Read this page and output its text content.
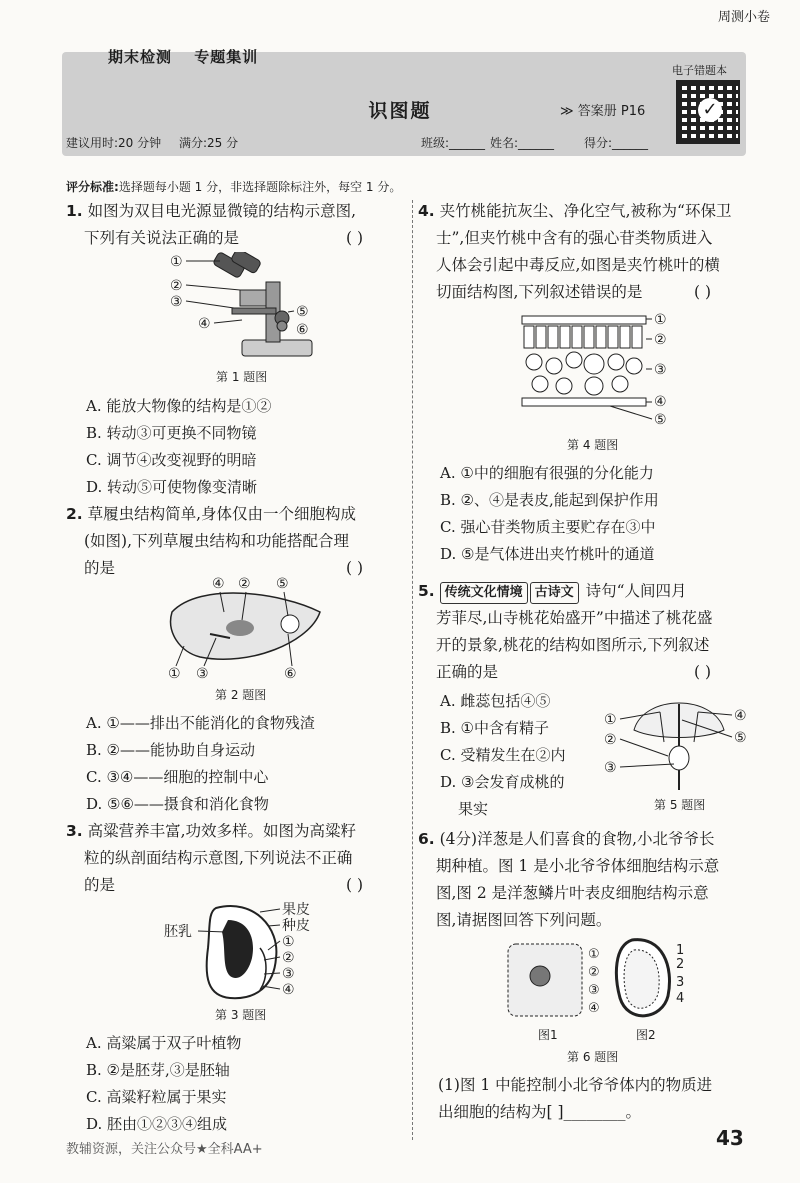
周测小卷
期末检测 专题集训
识图题	≫ 答案册 P16
电子错题本
✓
建议用时:20 分钟 满分:25 分	班级:______ 姓名:______ 得分:______
评分标准:选择题每小题 1 分，非选择题除标注外，每空 1 分。
1. 如图为双目电光源显微镜的结构示意图,
下列有关说法正确的是	( )
①
②
③
④
⑤
⑥
第 1 题图
A. 能放大物像的结构是①②
B. 转动③可更换不同物镜
C. 调节④改变视野的明暗
D. 转动⑤可使物像变清晰
2. 草履虫结构简单,身体仅由一个细胞构成
(如图),下列草履虫结构和功能搭配合理
的是	( )
④ ② ⑤
① ③	⑥
第 2 题图
A. ①——排出不能消化的食物残渣
B. ②——能协助自身运动
C. ③④——细胞的控制中心
D. ⑤⑥——摄食和消化食物
3. 高粱营养丰富,功效多样。如图为高粱籽
粒的纵剖面结构示意图,下列说法不正确
的是	( )
胚乳
果皮
种皮
①
②
③
④
第 3 题图
A. 高粱属于双子叶植物
B. ②是胚芽,③是胚轴
C. 高粱籽粒属于果实
D. 胚由①②③④组成
4. 夹竹桃能抗灰尘、净化空气,被称为“环保卫
士”,但夹竹桃中含有的强心苷类物质进入
人体会引起中毒反应,如图是夹竹桃叶的横
切面结构图,下列叙述错误的是	( )
①
②
③
④
⑤
第 4 题图
A. ①中的细胞有很强的分化能力
B. ②、④是表皮,能起到保护作用
C. 强心苷类物质主要贮存在③中
D. ⑤是气体进出夹竹桃叶的通道
5. 传统文化情境 古诗文 诗句“人间四月
芳菲尽,山寺桃花始盛开”中描述了桃花盛
开的景象,桃花的结构如图所示,下列叙述
正确的是	( )
A. 雌蕊包括④⑤
B. ①中含有精子
C. 受精发生在②内
D. ③会发育成桃的
果实
①
②
③
④
⑤
第 5 题图
6. (4分)洋葱是人们喜食的食物,小北爷爷长
期种植。图 1 是小北爷爷体细胞结构示意
图,图 2 是洋葱鳞片叶表皮细胞结构示意
图,请据图回答下列问题。
①
②
③
④
1
2
3
4
图1	图2
第 6 题图
(1)图 1 中能控制小北爷爷体内的物质进
出细胞的结构为[ ]________。
教辅资源，关注公众号★全科AA+	43
